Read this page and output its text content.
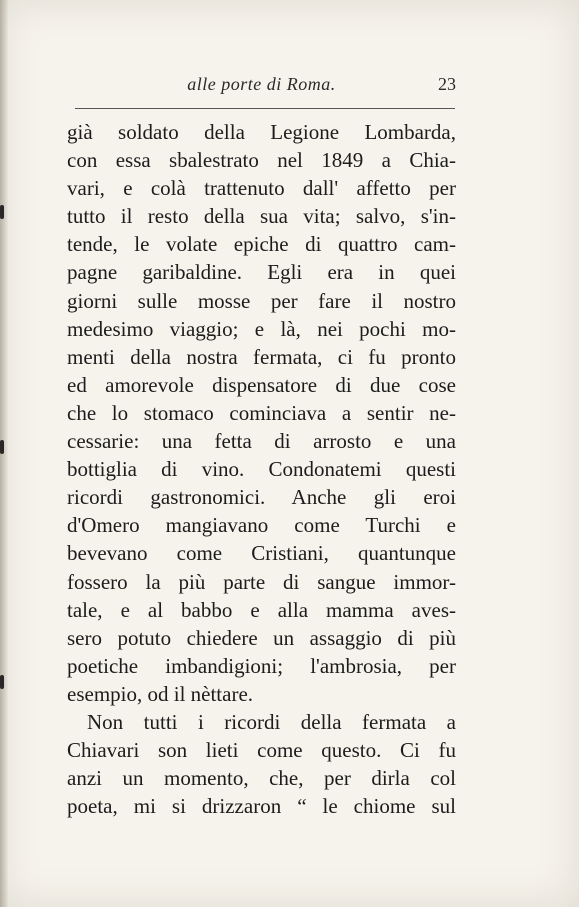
alle porte di Roma.	23
già soldato della Legione Lombarda,
con essa sbalestrato nel 1849 a Chia-
vari, e colà trattenuto dall' affetto per
tutto il resto della sua vita; salvo, s'in-
tende, le volate epiche di quattro cam-
pagne garibaldine. Egli era in quei
giorni sulle mosse per fare il nostro
medesimo viaggio; e là, nei pochi mo-
menti della nostra fermata, ci fu pronto
ed amorevole dispensatore di due cose
che lo stomaco cominciava a sentir ne-
cessarie: una fetta di arrosto e una
bottiglia di vino. Condonatemi questi
ricordi gastronomici. Anche gli eroi
d'Omero mangiavano come Turchi e
bevevano come Cristiani, quantunque
fossero la più parte di sangue immor-
tale, e al babbo e alla mamma aves-
sero potuto chiedere un assaggio di più
poetiche imbandigioni; l'ambrosia, per
esempio, od il nèttare.
Non tutti i ricordi della fermata a
Chiavari son lieti come questo. Ci fu
anzi un momento, che, per dirla col
poeta, mi si drizzaron “ le chiome sul
